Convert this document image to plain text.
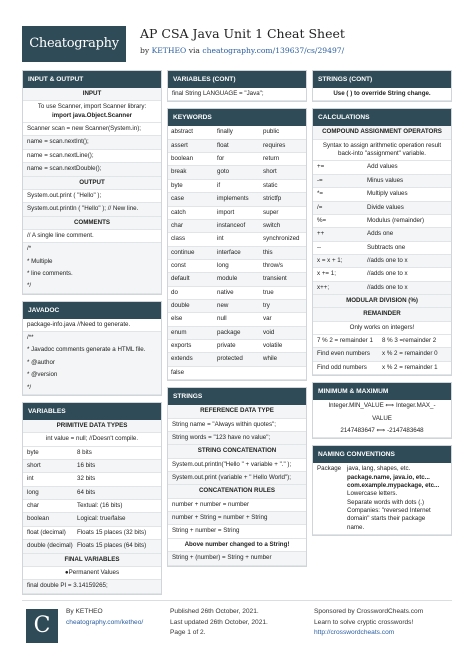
Cheatography
AP CSA Java Unit 1 Cheat Sheet
by KETHEO via cheatography.com/139637/cs/29497/
INPUT & OUTPUT
INPUT
To use Scanner, import Scanner library:
import java.Object.Scanner
Scanner scan = new Scanner(System.in);
name = scan.nextInt();
name = scan.nextLine();
name = scan.nextDouble();
OUTPUT
System.out.print ( "Hello" );
System.out.println ( "Hello" ); // New line.
COMMENTS
// A single line comment.
/*
* Multiple
* line comments.
*/
JAVADOC
package-info.java //Need to generate.
/**
* Javadoc comments generate a HTML file.
* @author
* @version
*/
VARIABLES
PRIMITIVE DATA TYPES
int value = null; //Doesn't compile.
byte	8 bits
short	16 bits
int	32 bits
long	64 bits
char	Textual: (16 bits)
boolean	Logical: true/false
float (decimal)	Floats 15 places (32 bits)
double (decimal) Floats 15 places (64 bits)
FINAL VARIABLES
●Permanent Values
final double PI = 3.14159265;
VARIABLES (CONT)
final String LANGUAGE = "Java";
KEYWORDS
abstract	finally	public
assert	float	requires
boolean	for	return
break	goto	short
byte	if	static
case	implements	strictfp
catch	import	super
char	instanceof	switch
class	int	synchronized
continue	interface	this
const	long	throw/s
default	module	transient
do	native	true
double	new	try
else	null	var
enum	package	void
exports	private	volatile
extends	protected	while
false
STRINGS
REFERENCE DATA TYPE
String name = "Always within quotes";
String words = "123 have no value";
STRING CONCATENATION
System.out.println("Hello " + variable + "." );
System.out.print (variable + " Hello World");
CONCATENATION RULES
number + number = number
number + String = number + String
String + number = String
Above number changed to a String!
String + (number) = String + number
STRINGS (CONT)
Use ( ) to override String change.
CALCULATIONS
COMPOUND ASSIGNMENT OPERATORS
Syntax to assign arithmetic operation result
back-into "assignment" variable.
+=	Add values
-=	Minus values
*=	Multiply values
/=	Divide values
%=	Modulus (remainder)
++	Adds one
--	Subtracts one
x = x + 1;	//adds one to x
x += 1;	//adds one to x
x++;	//adds one to x
MODULAR DIVISION (%)
REMAINDER
Only works on integers!
7 % 2 = remainder 1	8 % 3 =remainder 2
Find even numbers	x % 2 = remainder 0
Find odd numbers	x % 2 = remainder 1
MINIMUM & MAXIMUM
Integer.MIN_VALUE ⟺ Integer.MAX_-
VALUE
2147483647 ⟺ -2147483648
NAMING CONVENTIONS
Package java, lang, shapes, etc.
package.name, java.io, etc...
com.example.mypackage, etc...
Lowercase letters.
Separate words with dots (.)
Companies: "reversed Internet
domain" starts their package
name.
C
By KETHEO
cheatography.com/ketheo/
Published 26th October, 2021.
Last updated 26th October, 2021.
Page 1 of 2.
Sponsored by CrosswordCheats.com
Learn to solve cryptic crosswords!
http://crosswordcheats.com
